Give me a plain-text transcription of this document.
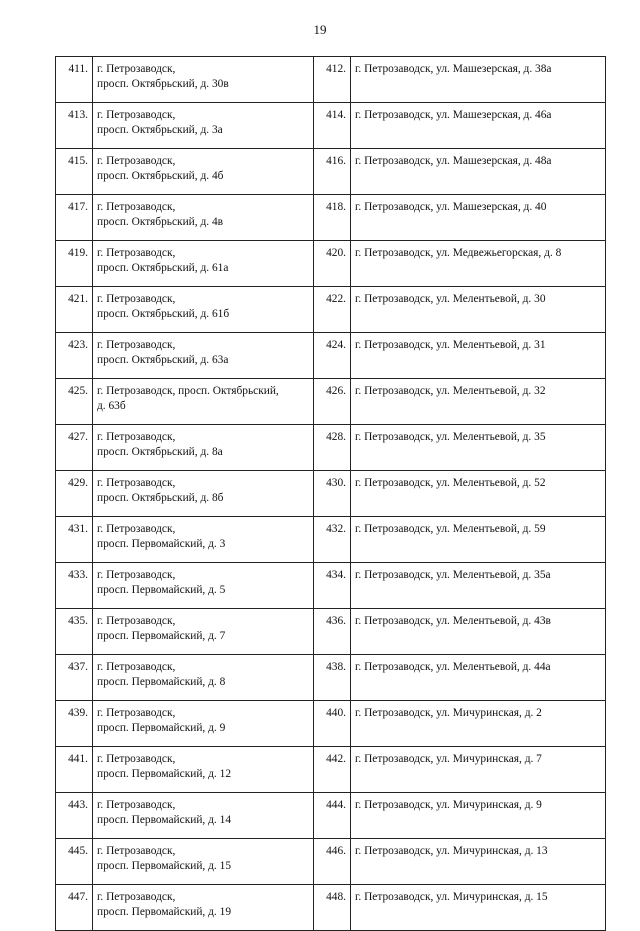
19
411.	г. Петрозаводск,
просп. Октябрьский, д. 30в	412.	г. Петрозаводск, ул. Машезерская, д. 38а

413.	г. Петрозаводск,
просп. Октябрьский, д. 3а	414.	г. Петрозаводск, ул. Машезерская, д. 46а

415.	г. Петрозаводск,
просп. Октябрьский, д. 4б	416.	г. Петрозаводск, ул. Машезерская, д. 48а

417.	г. Петрозаводск,
просп. Октябрьский, д. 4в	418.	г. Петрозаводск, ул. Машезерская, д. 40

419.	г. Петрозаводск,
просп. Октябрьский, д. 61а	420.	г. Петрозаводск, ул. Медвежьегорская, д. 8

421.	г. Петрозаводск,
просп. Октябрьский, д. 61б	422.	г. Петрозаводск, ул. Мелентьевой, д. 30

423.	г. Петрозаводск,
просп. Октябрьский, д. 63а	424.	г. Петрозаводск, ул. Мелентьевой, д. 31

425.	г. Петрозаводск, просп. Октябрьский,
д. 63б	426.	г. Петрозаводск, ул. Мелентьевой, д. 32

427.	г. Петрозаводск,
просп. Октябрьский, д. 8а	428.	г. Петрозаводск, ул. Мелентьевой, д. 35

429.	г. Петрозаводск,
просп. Октябрьский, д. 8б	430.	г. Петрозаводск, ул. Мелентьевой, д. 52

431.	г. Петрозаводск,
просп. Первомайский, д. 3	432.	г. Петрозаводск, ул. Мелентьевой, д. 59

433.	г. Петрозаводск,
просп. Первомайский, д. 5	434.	г. Петрозаводск, ул. Мелентьевой, д. 35а

435.	г. Петрозаводск,
просп. Первомайский, д. 7	436.	г. Петрозаводск, ул. Мелентьевой, д. 43в

437.	г. Петрозаводск,
просп. Первомайский, д. 8	438.	г. Петрозаводск, ул. Мелентьевой, д. 44а

439.	г. Петрозаводск,
просп. Первомайский, д. 9	440.	г. Петрозаводск, ул. Мичуринская, д. 2

441.	г. Петрозаводск,
просп. Первомайский, д. 12	442.	г. Петрозаводск, ул. Мичуринская, д. 7

443.	г. Петрозаводск,
просп. Первомайский, д. 14	444.	г. Петрозаводск, ул. Мичуринская, д. 9

445.	г. Петрозаводск,
просп. Первомайский, д. 15	446.	г. Петрозаводск, ул. Мичуринская, д. 13

447.	г. Петрозаводск,
просп. Первомайский, д. 19	448.	г. Петрозаводск, ул. Мичуринская, д. 15
